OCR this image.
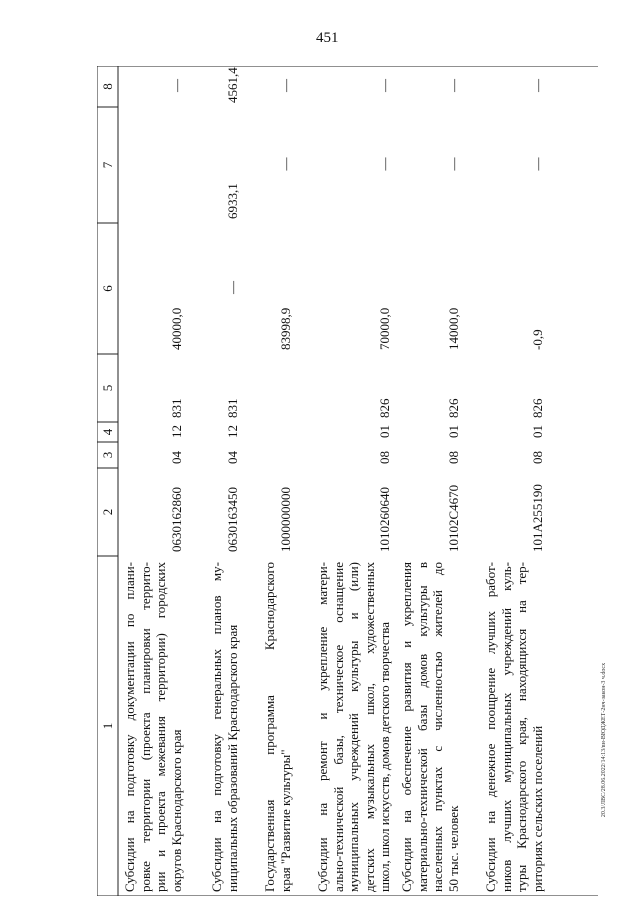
451
20.3/ЛВС/28.06.2022/14:13/вн-ВЮДЖЕТ-2нч-закон-3 ч.docx
1
2
3
4
5
6
7
8
Субсидии на подготовку документации по плани- ровке территории (проекта планировки террито- рии и проекта межевания территории) городских округов Краснодарского края
0630162860
04
12
831
40000,0
—
Субсидии на подготовку генеральных планов му- ниципальных образований Краснодарского края
0630163450
04
12
831
—
6933,1
4561,4
Государственная программа Краснодарского края "Развитие культуры"
1000000000
83998,9
—
—
Субсидии на ремонт и укрепление матери- ально-технической базы, техническое оснащение муниципальных учреждений культуры и (или) детских музыкальных школ, художественных школ, школ искусств, домов детского творчества
1010260640
08
01
826
70000,0
—
—
Субсидии на обеспечение развития и укрепления материально-технической базы домов культуры в населенных пунктах с численностью жителей до 50 тыс. человек
10102С4670
08
01
826
14000,0
—
—
Субсидии на денежное поощрение лучших работ- ников лучших муниципальных учреждений куль- туры Краснодарского края, находящихся на тер- риториях сельских поселений
101A255190
08
01
826
-0,9
—
—
